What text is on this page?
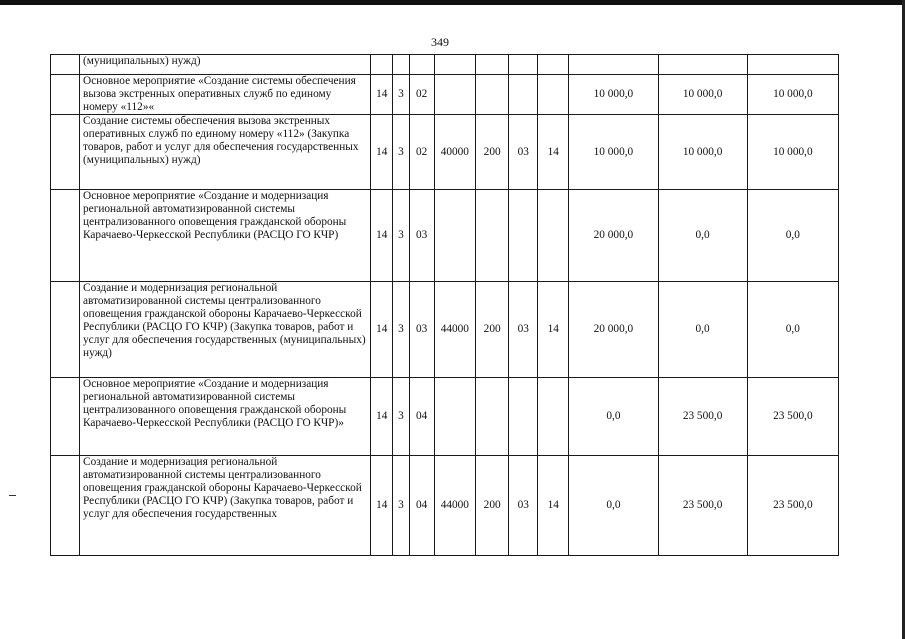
349
	(муниципальных) нужд)										
	Основное мероприятие «Создание системы обеспечения вызова экстренных оперативных служб по единому номеру «112»«	14	3	02					10 000,0	10 000,0	10 000,0
	Создание системы обеспечения вызова экстренных оперативных служб по единому номеру «112» (Закупка товаров, работ и услуг для обеспечения государственных (муниципальных) нужд)	14	3	02	40000	200	03	14	10 000,0	10 000,0	10 000,0
	Основное мероприятие «Создание и модернизация региональной автоматизированной системы централизованного оповещения гражданской обороны Карачаево-Черкесской Республики (РАСЦО ГО КЧР)	14	3	03					20 000,0	0,0	0,0
	Создание и модернизация региональной автоматизированной системы централизованного оповещения гражданской обороны Карачаево-Черкесской Республики (РАСЦО ГО КЧР) (Закупка товаров, работ и услуг для обеспечения государственных (муниципальных) нужд)	14	3	03	44000	200	03	14	20 000,0	0,0	0,0
	Основное мероприятие «Создание и модернизация региональной автоматизированной системы централизованного оповещения гражданской обороны Карачаево-Черкесской Республики (РАСЦО ГО КЧР)»	14	3	04					0,0	23 500,0	23 500,0
	Создание и модернизация региональной автоматизированной системы централизованного оповещения гражданской обороны Карачаево-Черкесской Республики (РАСЦО ГО КЧР) (Закупка товаров, работ и услуг для обеспечения государственных	14	3	04	44000	200	03	14	0,0	23 500,0	23 500,0
